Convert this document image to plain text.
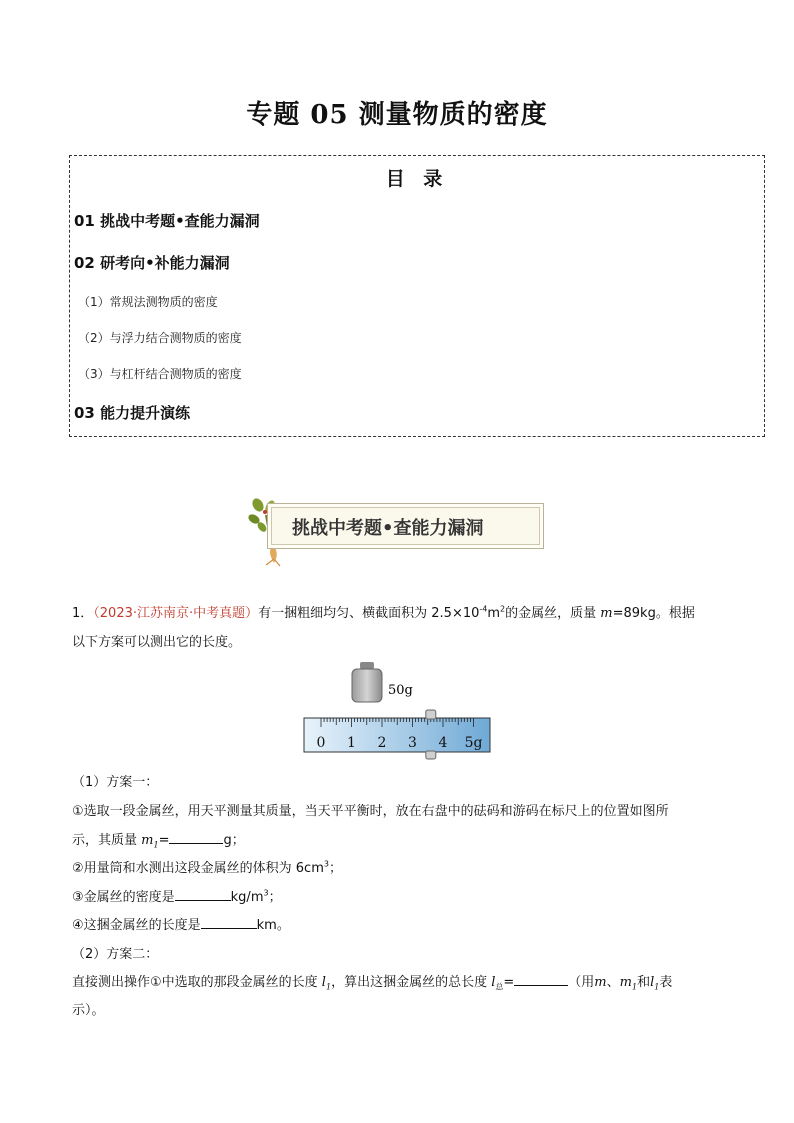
专题 05 测量物质的密度
目 录
01 挑战中考题•查能力漏洞
02 研考向•补能力漏洞
（1）常规法测物质的密度
（2）与浮力结合测物质的密度
（3）与杠杆结合测物质的密度
03 能力提升演练
挑战中考题•查能力漏洞
1．（2023·江苏南京·中考真题）有一捆粗细均匀、横截面积为 $2.5\times 10^{-4}m^2$的金属丝，质量 m=89kg。根据
以下方案可以测出它的长度。
50g
0 1 2 3 4 5g
（1）方案一：
①选取一段金属丝，用天平测量其质量，当天平平衡时，放在右盘中的砝码和游码在标尺上的位置如图所
示，其质量 $m_1=$	g；
②用量筒和水测出这段金属丝的体积为 $6cm^3$；
③金属丝的密度是	$kg/m^3$；
④这捆金属丝的长度是	km。
（2）方案二：
直接测出操作①中选取的那段金属丝的长度 $l_1$，算出这捆金属丝的总长度 $l_总=$	（用m、$m_1$和$l_1$表
示）。
